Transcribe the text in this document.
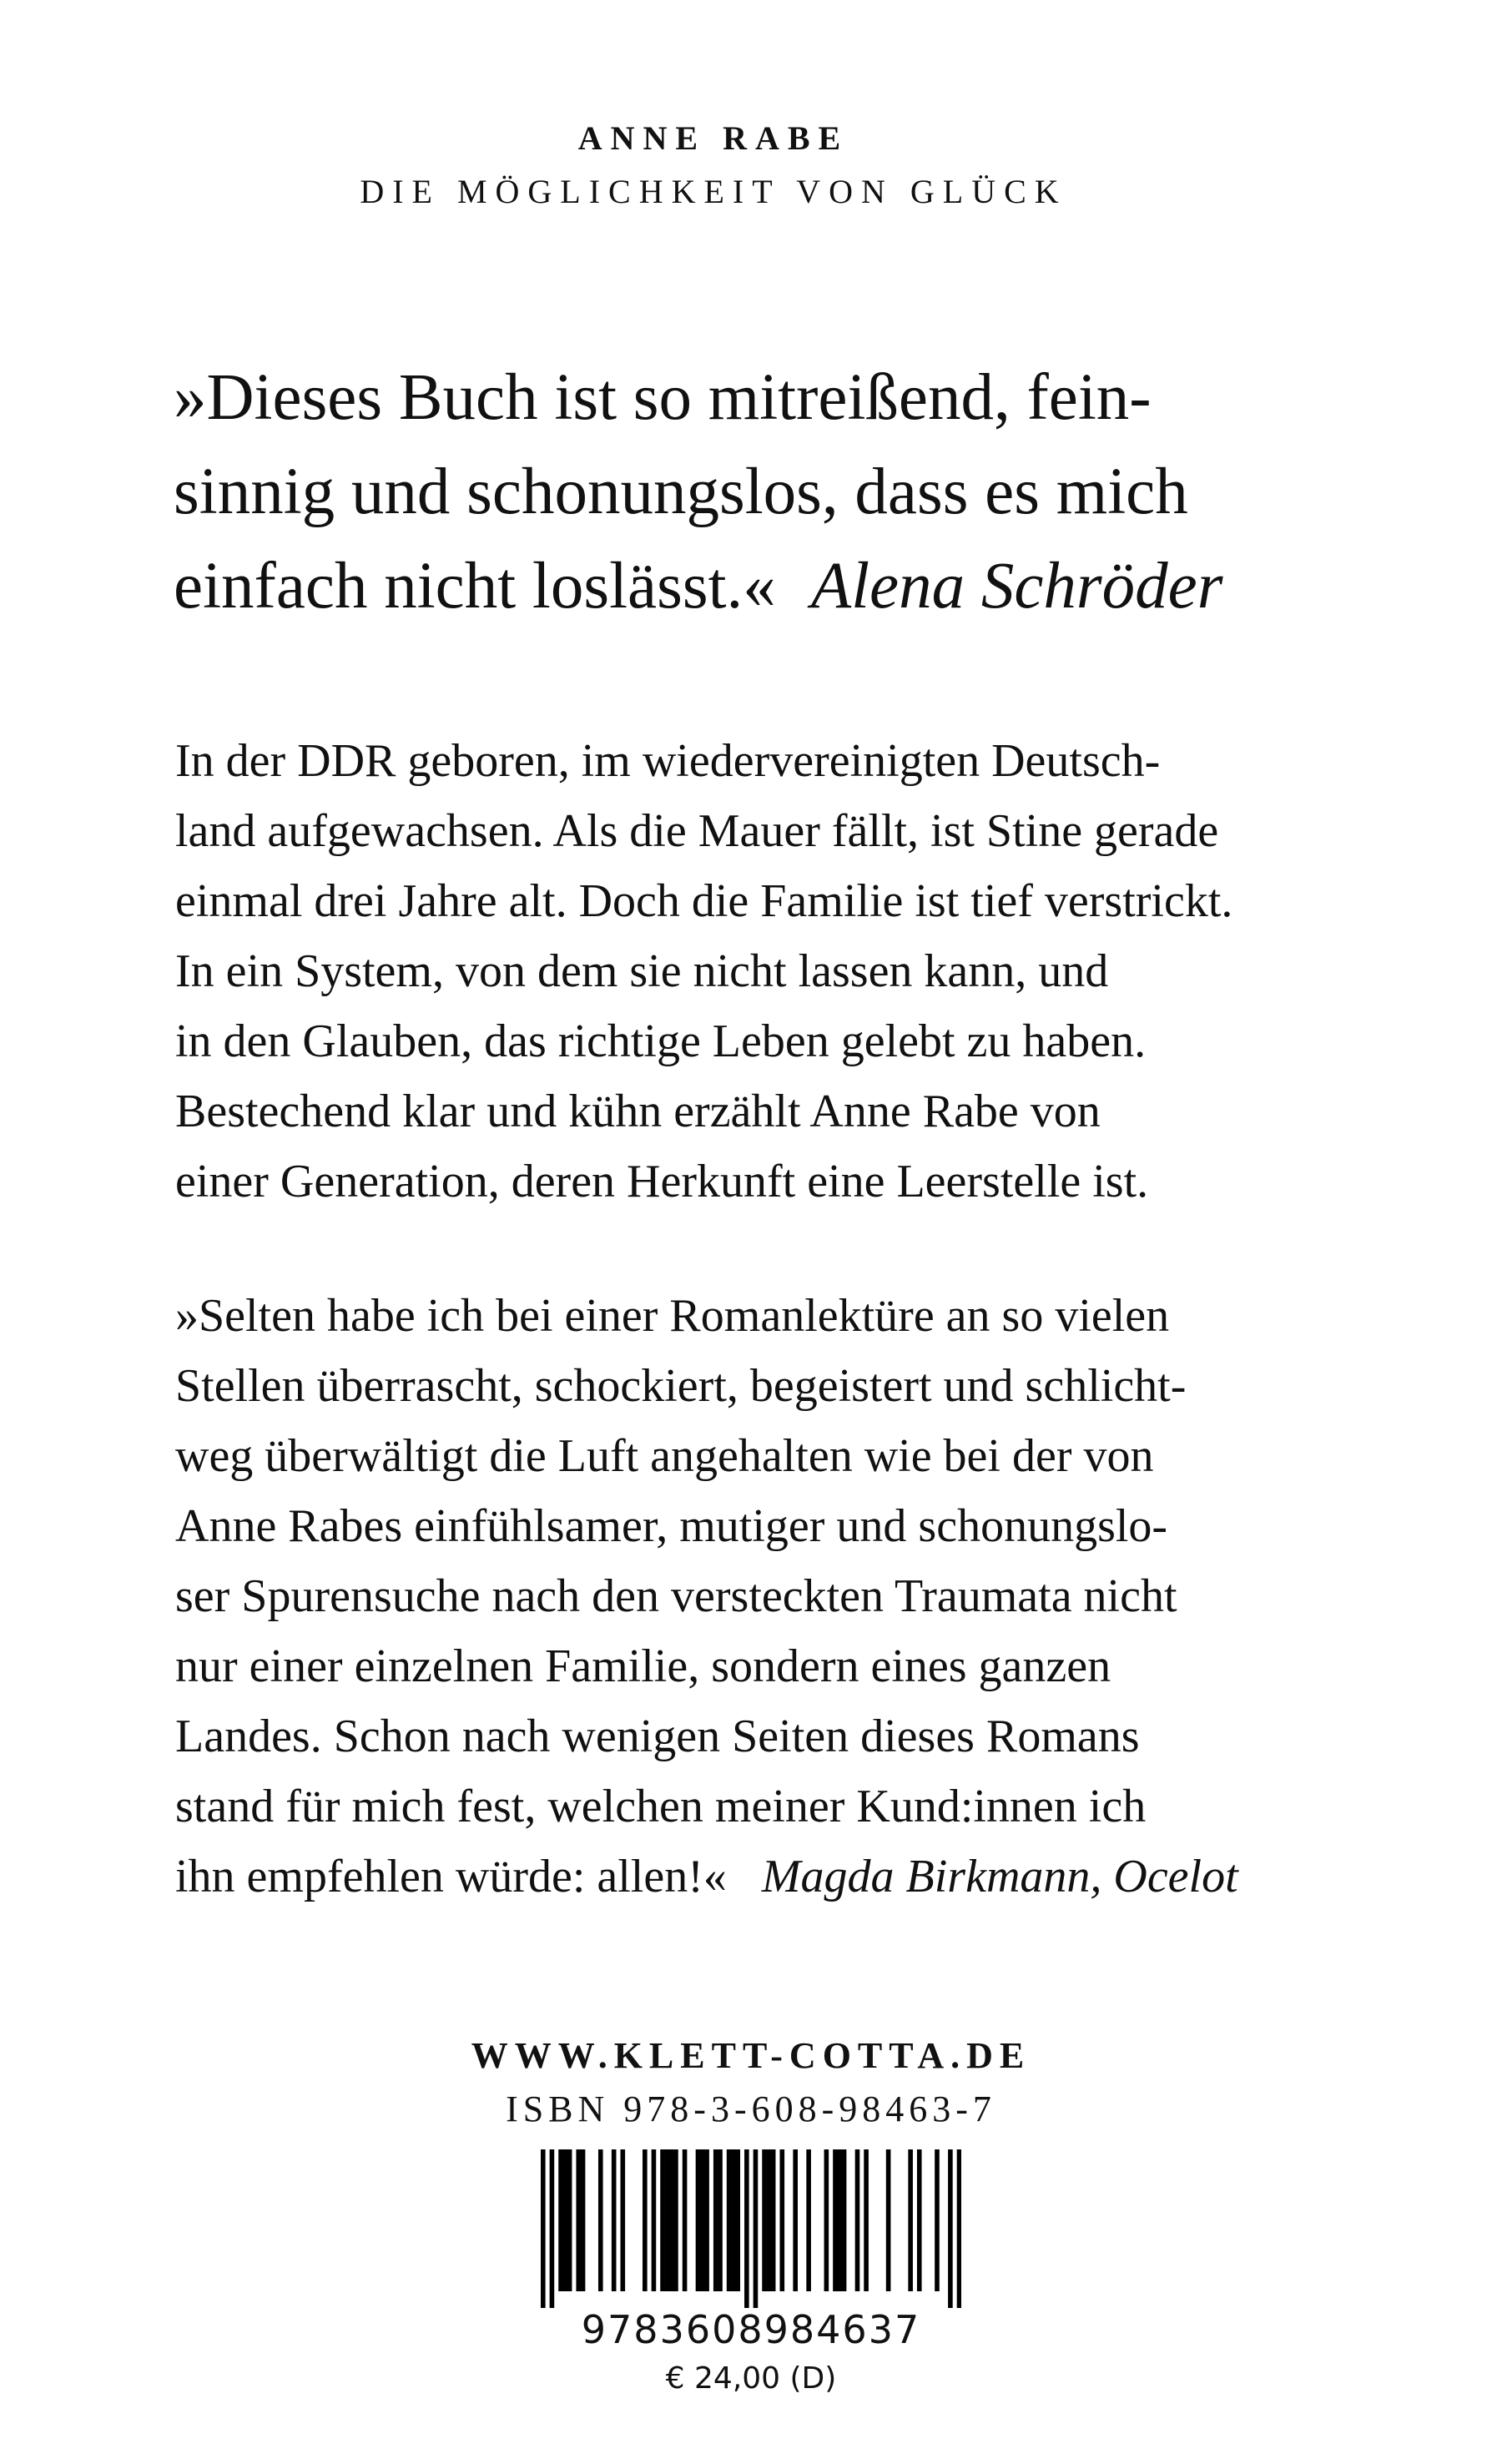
ANNE RABE
DIE MÖGLICHKEIT VON GLÜCK
»Dieses Buch ist so mitreißend, fein-
sinnig und schonungslos, dass es mich
einfach nicht loslässt.« Alena Schröder
In der DDR geboren, im wiedervereinigten Deutsch-
land aufgewachsen. Als die Mauer fällt, ist Stine gerade
einmal drei Jahre alt. Doch die Familie ist tief verstrickt.
In ein System, von dem sie nicht lassen kann, und
in den Glauben, das richtige Leben gelebt zu haben.
Bestechend klar und kühn erzählt Anne Rabe von
einer Generation, deren Herkunft eine Leerstelle ist.
»Selten habe ich bei einer Romanlektüre an so vielen
Stellen überrascht, schockiert, begeistert und schlicht-
weg überwältigt die Luft angehalten wie bei der von
Anne Rabes einfühlsamer, mutiger und schonungslo-
ser Spurensuche nach den versteckten Traumata nicht
nur einer einzelnen Familie, sondern eines ganzen
Landes. Schon nach wenigen Seiten dieses Romans
stand für mich fest, welchen meiner Kund:innen ich
ihn empfehlen würde: allen!« Magda Birkmann, Ocelot
WWW.KLETT-COTTA.DE
ISBN 978-3-608-98463-7
9783608984637
€ 24,00 (D)
